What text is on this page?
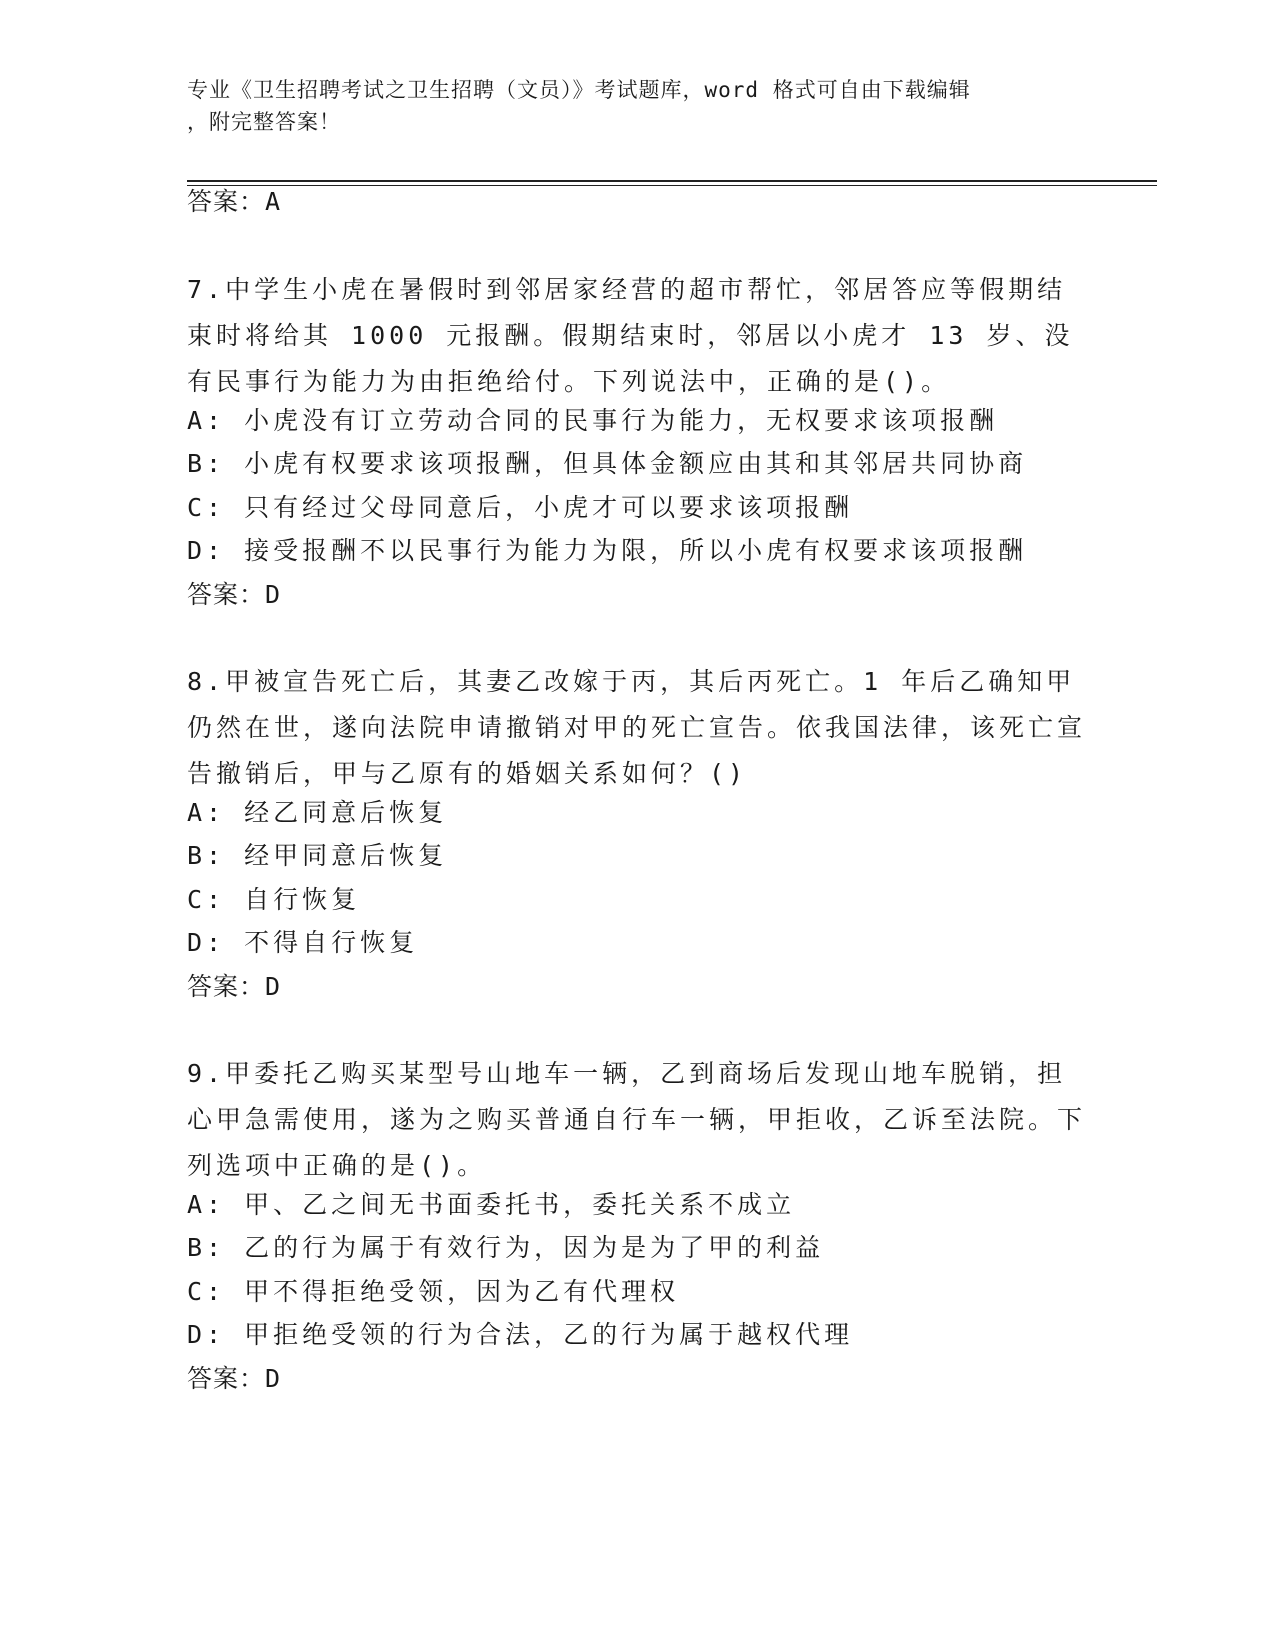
专业《卫生招聘考试之卫生招聘（文员）》考试题库，word 格式可自由下载编辑
，附完整答案！
答案：A
7.中学生小虎在暑假时到邻居家经营的超市帮忙，邻居答应等假期结束时将给其 1000 元报酬。假期结束时，邻居以小虎才 13 岁、没有民事行为能力为由拒绝给付。下列说法中，正确的是()。
A: 小虎没有订立劳动合同的民事行为能力，无权要求该项报酬
B: 小虎有权要求该项报酬，但具体金额应由其和其邻居共同协商
C: 只有经过父母同意后，小虎才可以要求该项报酬
D: 接受报酬不以民事行为能力为限，所以小虎有权要求该项报酬
答案：D
8.甲被宣告死亡后，其妻乙改嫁于丙，其后丙死亡。1 年后乙确知甲仍然在世，遂向法院申请撤销对甲的死亡宣告。依我国法律，该死亡宣告撤销后，甲与乙原有的婚姻关系如何？()
A: 经乙同意后恢复
B: 经甲同意后恢复
C: 自行恢复
D: 不得自行恢复
答案：D
9.甲委托乙购买某型号山地车一辆，乙到商场后发现山地车脱销，担心甲急需使用，遂为之购买普通自行车一辆，甲拒收，乙诉至法院。下列选项中正确的是()。
A: 甲、乙之间无书面委托书，委托关系不成立
B: 乙的行为属于有效行为，因为是为了甲的利益
C: 甲不得拒绝受领，因为乙有代理权
D: 甲拒绝受领的行为合法，乙的行为属于越权代理
答案：D
